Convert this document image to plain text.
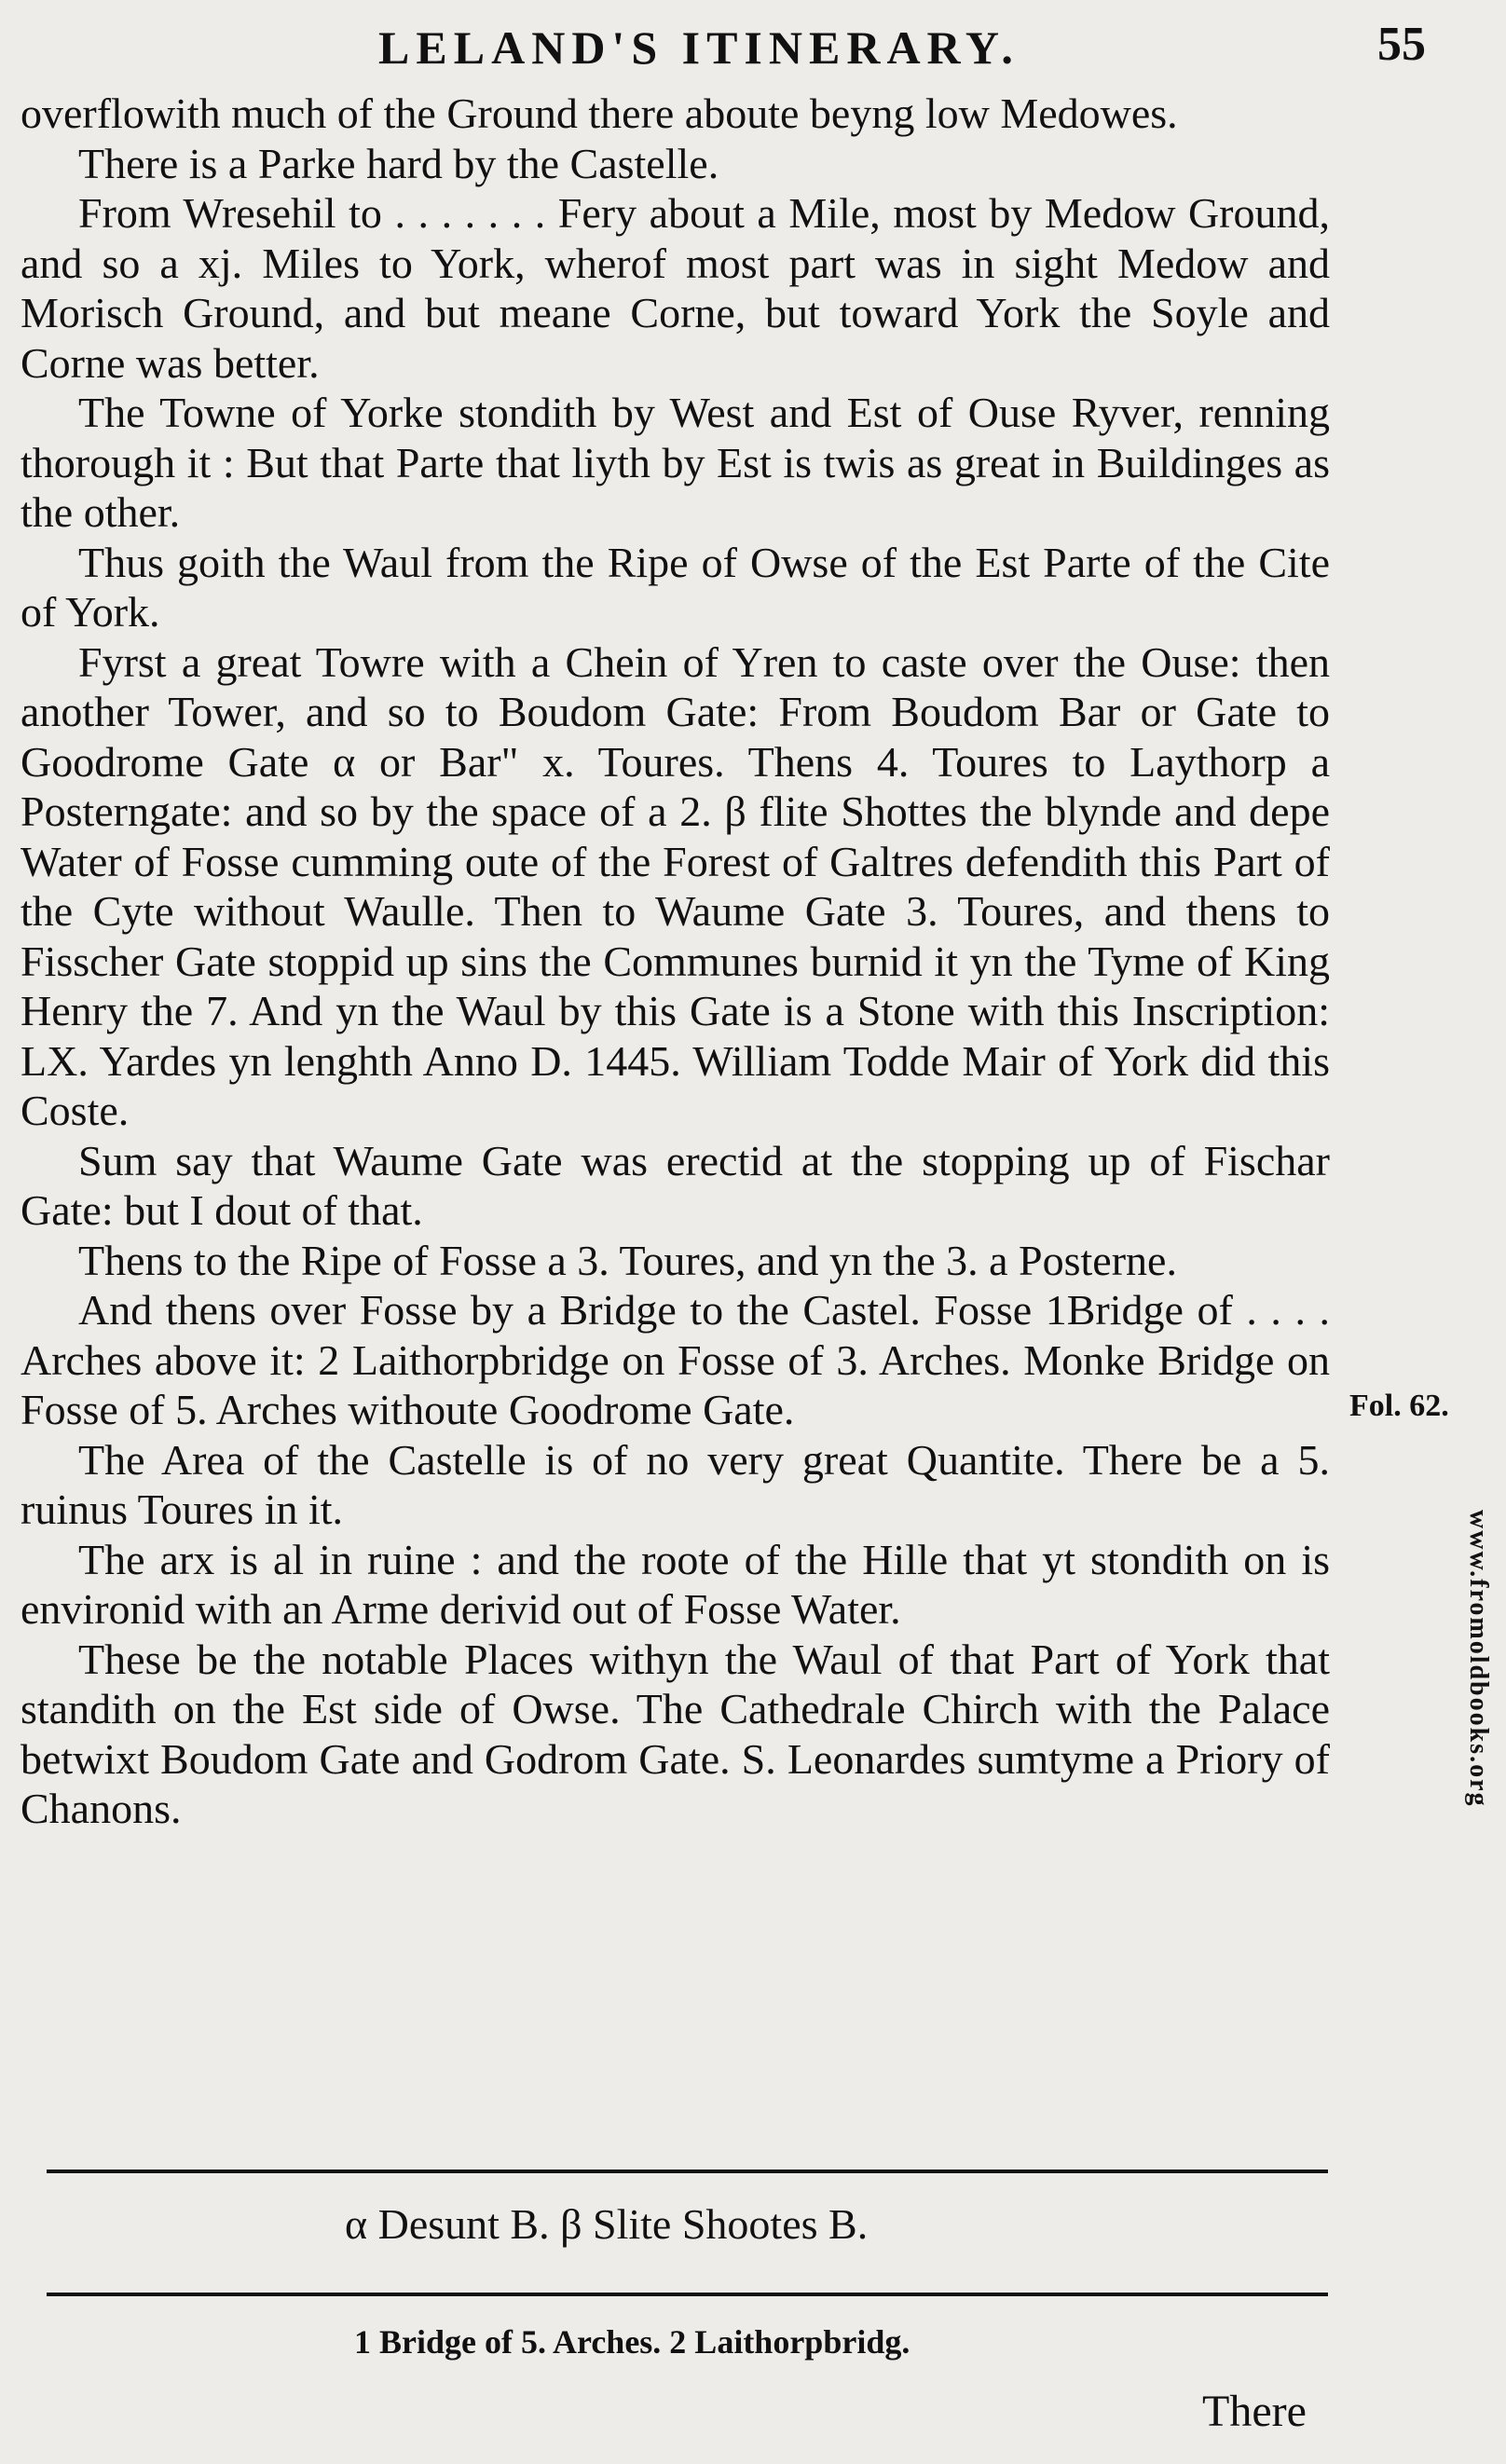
LELAND'S ITINERARY.	55

overflowith much of the Ground there aboute beyng low Medowes.

There is a Parke hard by the Castelle.

From Wresehil to . . . . . . . Fery about a Mile, most by Medow Ground, and so a xj. Miles to York, wherof most part was in sight Medow and Morisch Ground, and but meane Corne, but toward York the Soyle and Corne was better.

The Towne of Yorke stondith by West and Est of Ouse Ryver, renning thorough it : But that Parte that liyth by Est is twis as great in Buildinges as the other.

Thus goith the Waul from the Ripe of Owse of the Est Parte of the Cite of York.

Fyrst a great Towre with a Chein of Yren to caste over the Ouse: then another Tower, and so to Boudom Gate: From Boudom Bar or Gate to Goodrome Gate α or Bar" x. Toures. Thens 4. Toures to Laythorp a Posterngate: and so by the space of a 2. β flite Shottes the blynde and depe Water of Fosse cumming oute of the Forest of Galtres defendith this Part of the Cyte without Waulle. Then to Waume Gate 3. Toures, and thens to Fisscher Gate stoppid up sins the Communes burnid it yn the Tyme of King Henry the 7. And yn the Waul by this Gate is a Stone with this Inscription: LX. Yardes yn lenghth Anno D. 1445. William Todde Mair of York did this Coste.

Sum say that Waume Gate was erectid at the stopping up of Fischar Gate: but I dout of that.

Thens to the Ripe of Fosse a 3. Toures, and yn the 3. a Posterne.

And thens over Fosse by a Bridge to the Castel. Fosse 1Bridge of . . . . Arches above it: 2 Laithorpbridge on Fosse of 3. Arches. Monke Bridge on Fosse of 5. Arches withoute Goodrome Gate.

The Area of the Castelle is of no very great Quantite. There be a 5. ruinus Toures in it.

The arx is al in ruine : and the roote of the Hille that yt stondith on is environid with an Arme derivid out of Fosse Water.

These be the notable Places withyn the Waul of that Part of York that standith on the Est side of Owse. The Cathedrale Chirch with the Palace betwixt Boudom Gate and Godrom Gate. S. Leonardes sumtyme a Priory of Chanons.

Fol. 62.
α Desunt B. β Slite Shootes B.
1 Bridge of 5. Arches. 2 Laithorpbridg.
There
www.fromoldbooks.org
